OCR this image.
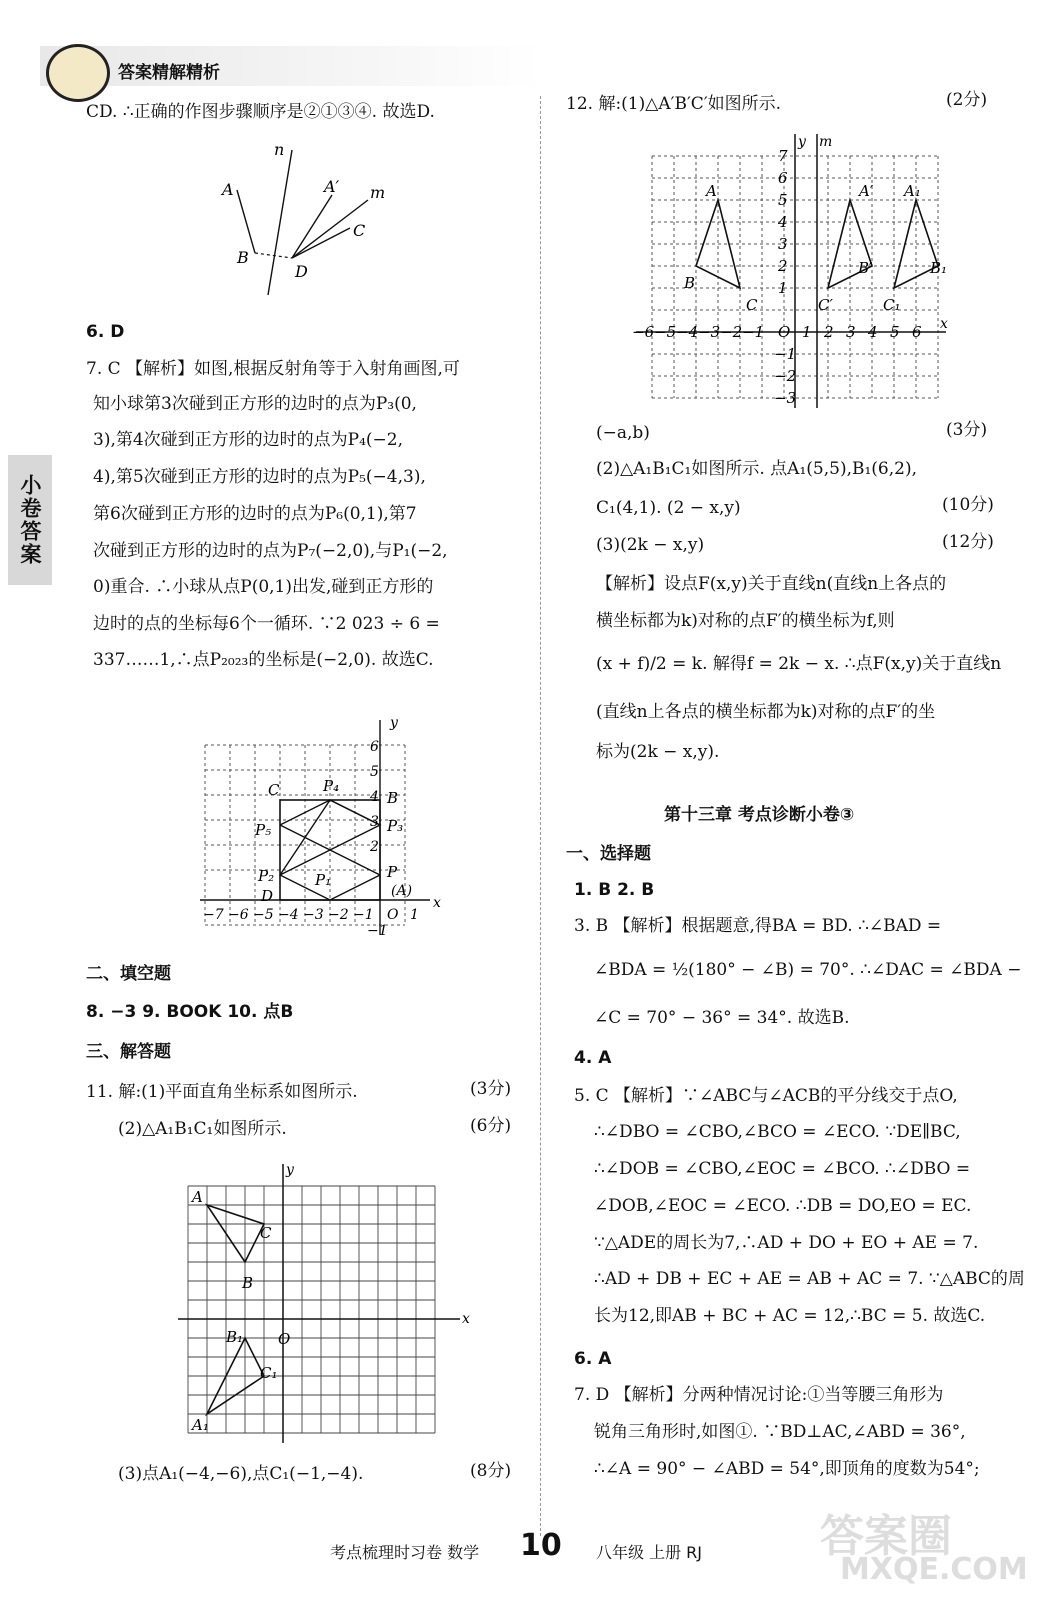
答案精解精析
小卷答案
CD. ∴正确的作图步骤顺序是②①③④. 故选D.
n
A	A′ m
C
B
D
6. D
7. C 【解析】如图,根据反射角等于入射角画图,可
知小球第3次碰到正方形的边时的点为P₃(0,
3),第4次碰到正方形的边时的点为P₄(−2,
4),第5次碰到正方形的边时的点为P₅(−4,3),
第6次碰到正方形的边时的点为P₆(0,1),第7
次碰到正方形的边时的点为P₇(−2,0),与P₁(−2,
0)重合. ∴小球从点P(0,1)出发,碰到正方形的
边时的点的坐标每6个一循环. ∵2 023 ÷ 6 =
337……1,∴点P₂₀₂₃的坐标是(−2,0). 故选C.
−7 −6 −5 −4 −3 −2 −1 O 1
6
5
4
3
2
−1
C	P₄
B
P₅	P₃
P₂	P
D	(A)
P₁
x
y
二、填空题
8. −3 9. BOOK 10. 点B
三、解答题
11. 解:(1)平面直角坐标系如图所示.	(3分)
(2)△A₁B₁C₁如图所示.	(6分)
A
C
B
O
B₁
C₁
A₁
x
y
(3)点A₁(−4,−6),点C₁(−1,−4).	(8分)
12. 解:(1)△A′B′C′如图所示.	(2分)
−6 −5 −4 −3 −2 −1 O 1 2 3 4 5 6
7
6
5
4
3
2
1
−1
−2
−3
A	A′ A₁
B
B′	B₁
C	C′	C₁
x
y m
(−a,b)	(3分)
(2)△A₁B₁C₁如图所示. 点A₁(5,5),B₁(6,2),
C₁(4,1). (2 − x,y)	(10分)
(3)(2k − x,y)	(12分)
【解析】设点F(x,y)关于直线n(直线n上各点的
横坐标都为k)对称的点F′的横坐标为f,则
(x + f)/2 = k. 解得f = 2k − x. ∴点F(x,y)关于直线n
(直线n上各点的横坐标都为k)对称的点F′的坐
标为(2k − x,y).
第十三章 考点诊断小卷③
一、选择题
1. B 2. B
3. B 【解析】根据题意,得BA = BD. ∴∠BAD =
∠BDA = ½(180° − ∠B) = 70°. ∴∠DAC = ∠BDA −
∠C = 70° − 36° = 34°. 故选B.
4. A
5. C 【解析】∵∠ABC与∠ACB的平分线交于点O,
∴∠DBO = ∠CBO,∠BCO = ∠ECO. ∵DE∥BC,
∴∠DOB = ∠CBO,∠EOC = ∠BCO. ∴∠DBO =
∠DOB,∠EOC = ∠ECO. ∴DB = DO,EO = EC.
∵△ADE的周长为7,∴AD + DO + EO + AE = 7.
∴AD + DB + EC + AE = AB + AC = 7. ∵△ABC的周
长为12,即AB + BC + AC = 12,∴BC = 5. 故选C.
6. A
7. D 【解析】分两种情况讨论:①当等腰三角形为
锐角三角形时,如图①. ∵BD⊥AC,∠ABD = 36°,
∴∠A = 90° − ∠ABD = 54°,即顶角的度数为54°;
考点梳理时习卷 数学 10 八年级 上册 RJ	答案圈
MXQE.COM
